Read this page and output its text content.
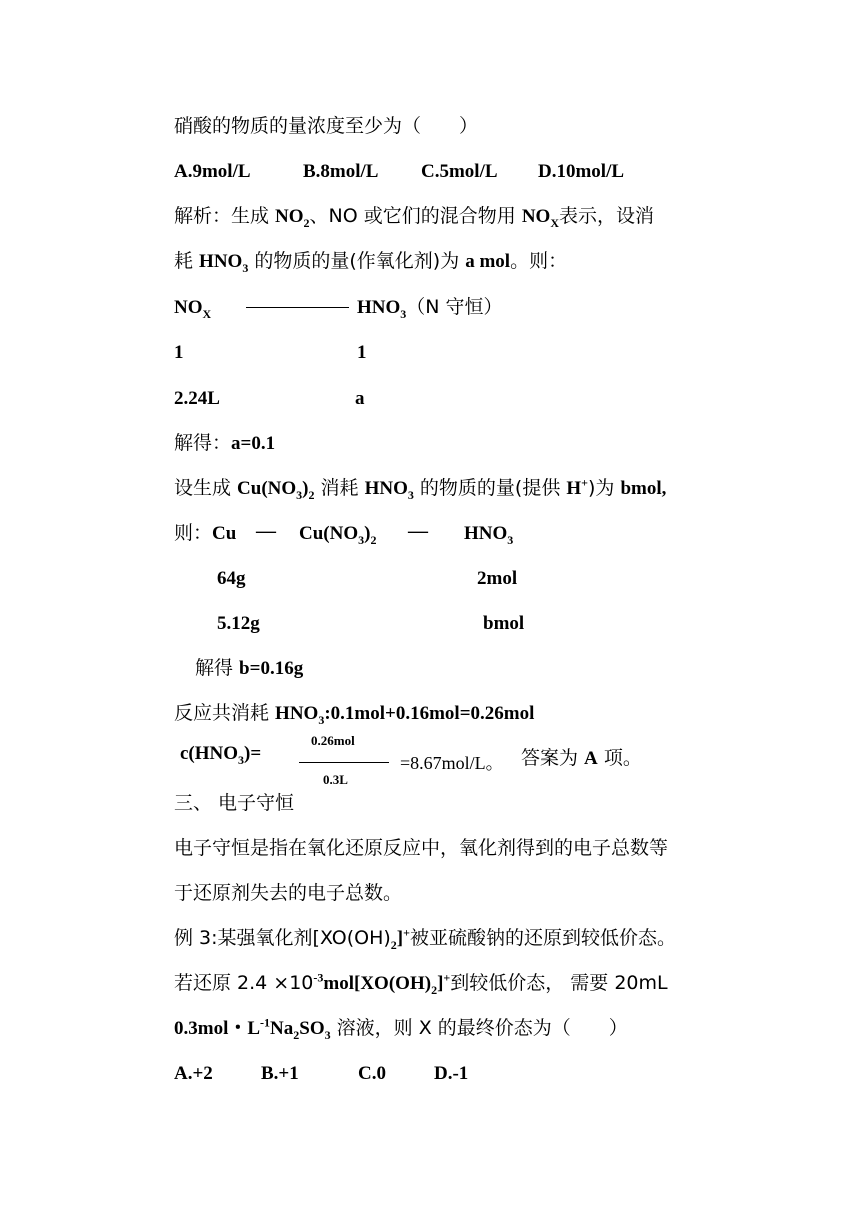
硝酸的物质的量浓度至少为（　　）
A.9mol/L	B.8mol/L C.5mol/L D.10mol/L
解析：生成 $NO_2$、NO 或它们的混合物用 $NO_X$表示，设消
耗 $HNO_3$ 的物质的量(作氧化剂)为 a mol。则：
$NO_X$	$HNO_3(N$ 守恒）
1	1
2.24L	a
解得：a=0.1
设生成 $Cu(NO_3)_2$ 消耗 $HNO_3$ 的物质的量(提供 H+)为 bmol,
则：Cu — $Cu(NO_3)_2$ — $HNO_3$
64g	2mol
5.12g	bmol
解得 b=0.16g
反应共消耗 $HNO_3:0.1mol+0.16mol=0.26mol$
$c(HNO_3)=$
0.26mol
0.3L
=8.67mol/L。 答案为 A 项。
三、 电子守恒
电子守恒是指在氧化还原反应中，氧化剂得到的电子总数等
于还原剂失去的电子总数。
例 3:某强氧化剂$[XO(OH)_2]^+$被亚硫酸钠的还原到较低价态。
若还原 $2.4 \times 10^{-3}mol[XO(OH)_2]^+$到较低价态， 需要 20mL
0.3mol・$L^{-1}Na_2SO_3$ 溶液，则 X 的最终价态为（　　）
A.+2	B.+1	C.0	D.-1
